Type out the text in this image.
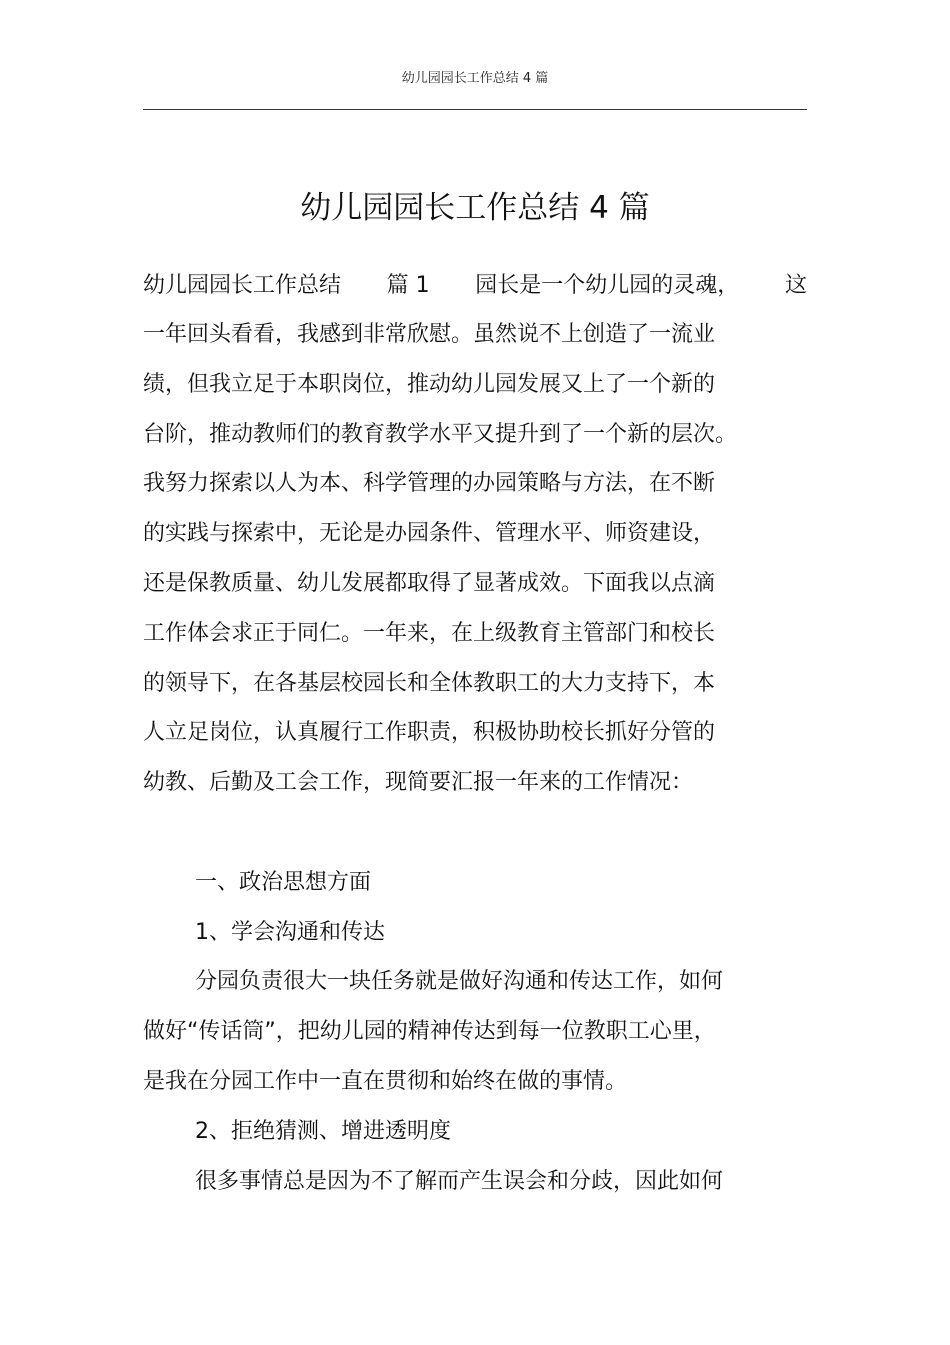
幼儿园园长工作总结 4 篇
幼儿园园长工作总结 4 篇
幼儿园园长工作总结 篇 1 园长是一个幼儿园的灵魂， 这
一年回头看看，我感到非常欣慰。虽然说不上创造了一流业
绩，但我立足于本职岗位，推动幼儿园发展又上了一个新的
台阶，推动教师们的教育教学水平又提升到了一个新的层次。
我努力探索以人为本、科学管理的办园策略与方法，在不断
的实践与探索中，无论是办园条件、管理水平、师资建设，
还是保教质量、幼儿发展都取得了显著成效。下面我以点滴
工作体会求正于同仁。一年来，在上级教育主管部门和校长
的领导下，在各基层校园长和全体教职工的大力支持下，本
人立足岗位，认真履行工作职责，积极协助校长抓好分管的
幼教、后勤及工会工作，现简要汇报一年来的工作情况：
一、政治思想方面
1、学会沟通和传达
分园负责很大一块任务就是做好沟通和传达工作，如何
做好“传话筒”，把幼儿园的精神传达到每一位教职工心里，
是我在分园工作中一直在贯彻和始终在做的事情。
2、拒绝猜测、增进透明度
很多事情总是因为不了解而产生误会和分歧，因此如何
